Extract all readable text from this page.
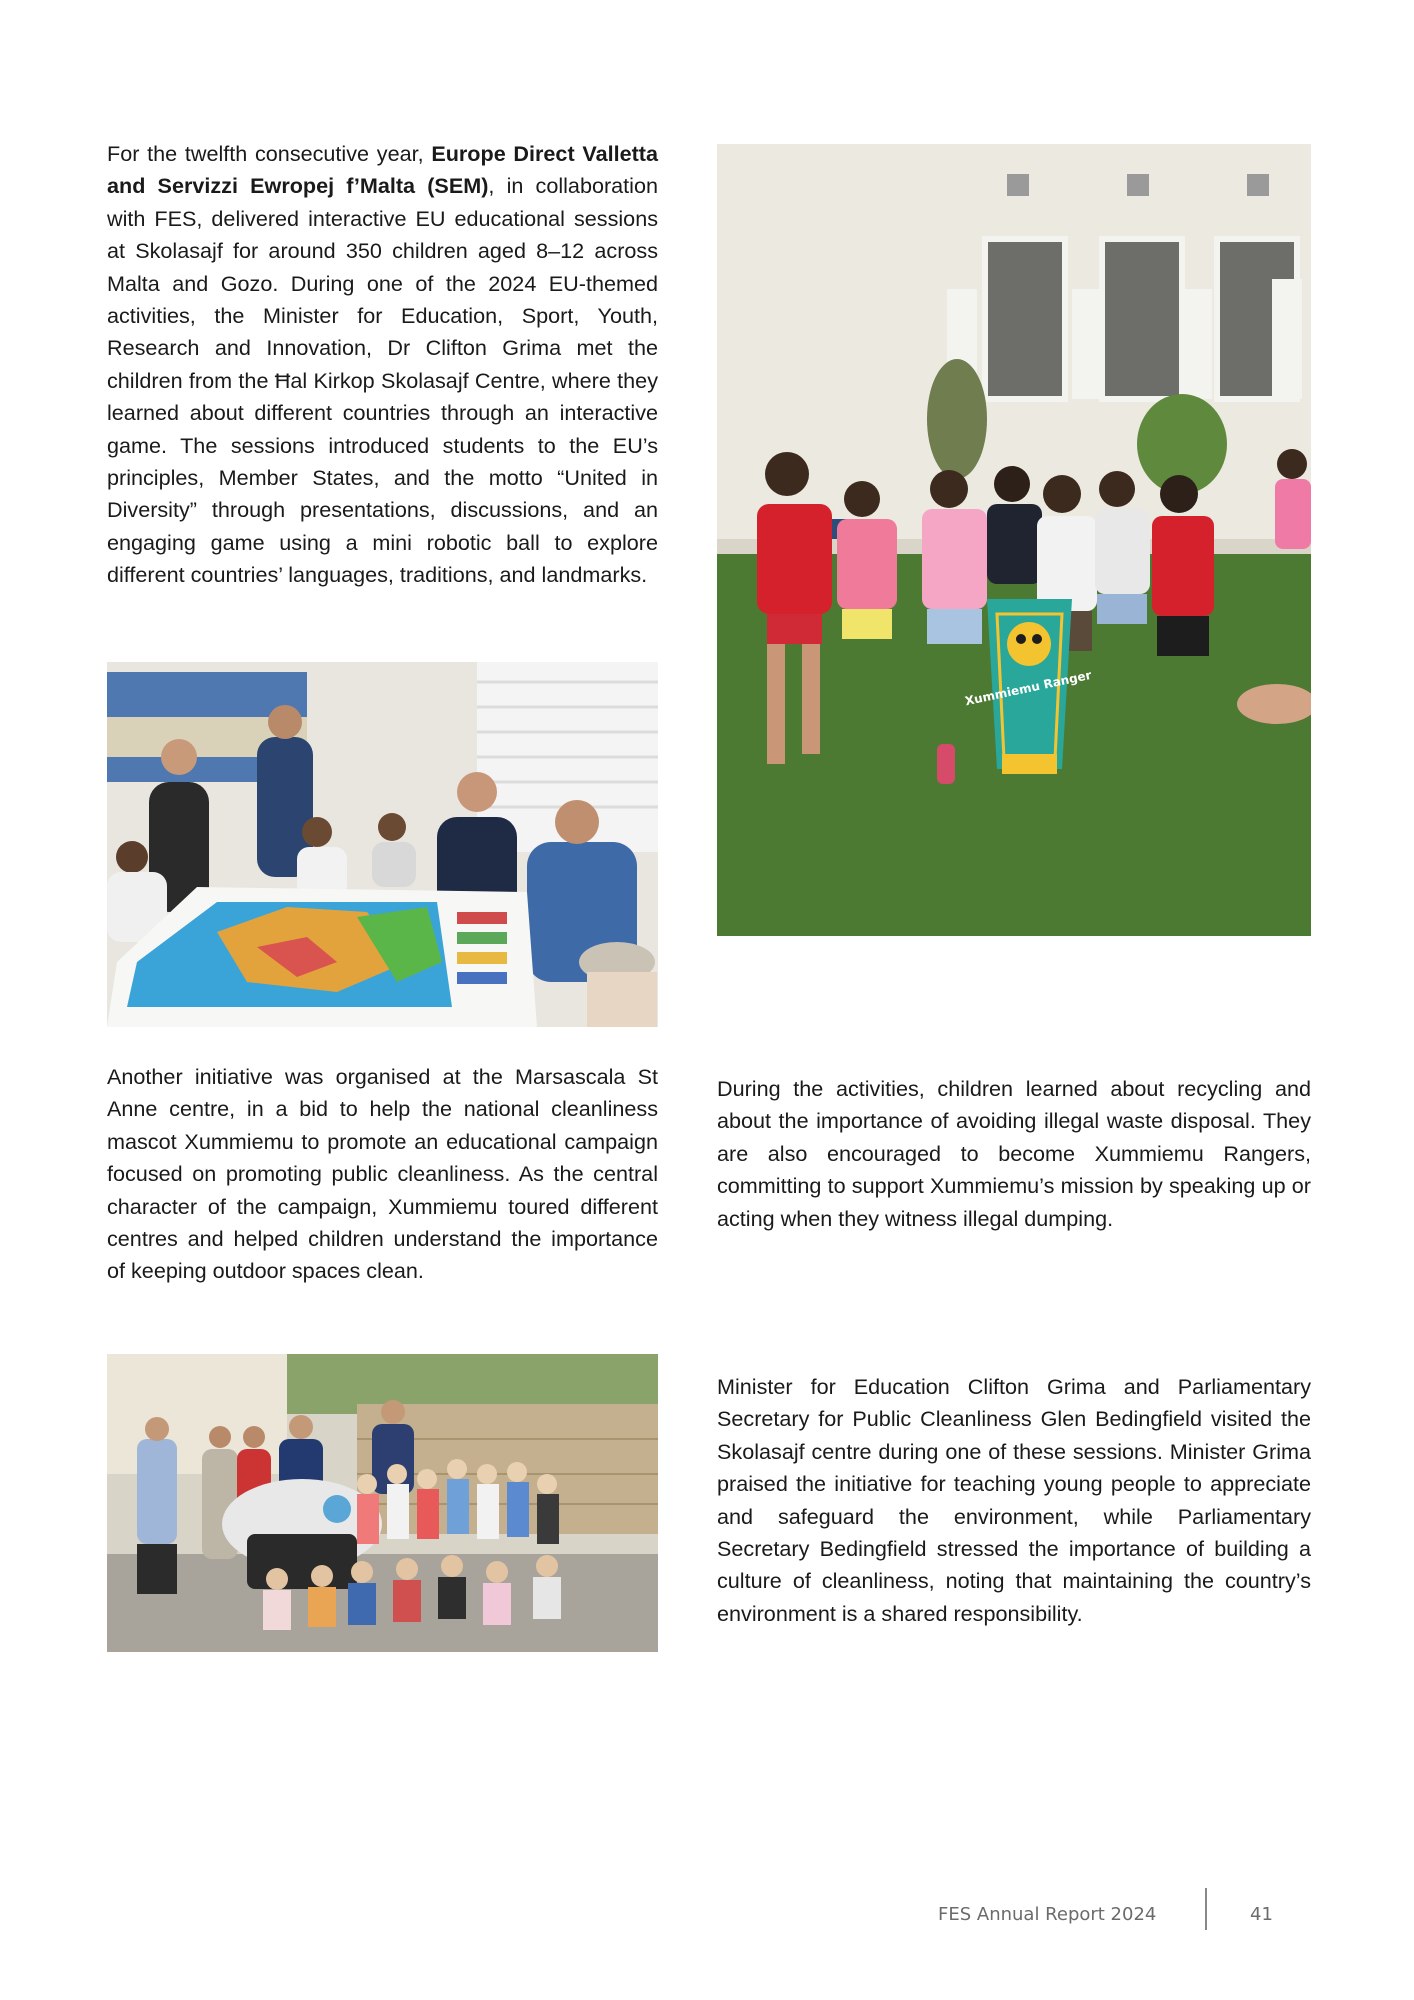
For the twelfth consecutive year, Europe Direct Valletta and Servizzi Ewropej f’Malta (SEM), in collaboration with FES, delivered interactive EU educational sessions at Skolasajf for around 350 children aged 8–12 across Malta and Gozo. During one of the 2024 EU-themed activities, the Minister for Education, Sport, Youth, Research and Innovation, Dr Clifton Grima met the children from the Ħal Kirkop Skolasajf Centre, where they learned about different countries through an interactive game. The sessions introduced students to the EU’s principles, Member States, and the motto “United in Diversity” through presentations, discussions, and an engaging game using a mini robotic ball to explore different countries’ languages, traditions, and landmarks.

Another initiative was organised at the Marsascala St Anne centre, in a bid to help the national cleanliness mascot Xummiemu to promote an educational campaign focused on promoting public cleanliness. As the central character of the campaign, Xummiemu toured different centres and helped children understand the importance of keeping outdoor spaces clean.

Xummiemu Ranger

During the activities, children learned about recycling and about the importance of avoiding illegal waste disposal. They are also encouraged to become Xummiemu Rangers, committing to support Xummiemu’s mission by speaking up or acting when they witness illegal dumping.

Minister for Education Clifton Grima and Parliamentary Secretary for Public Cleanliness Glen Bedingfield visited the Skolasajf centre during one of these sessions. Minister Grima praised the initiative for teaching young people to appreciate and safeguard the environment, while Parliamentary Secretary Bedingfield stressed the importance of building a culture of cleanliness, noting that maintaining the country’s environment is a shared responsibility.

FES Annual Report 2024	41
